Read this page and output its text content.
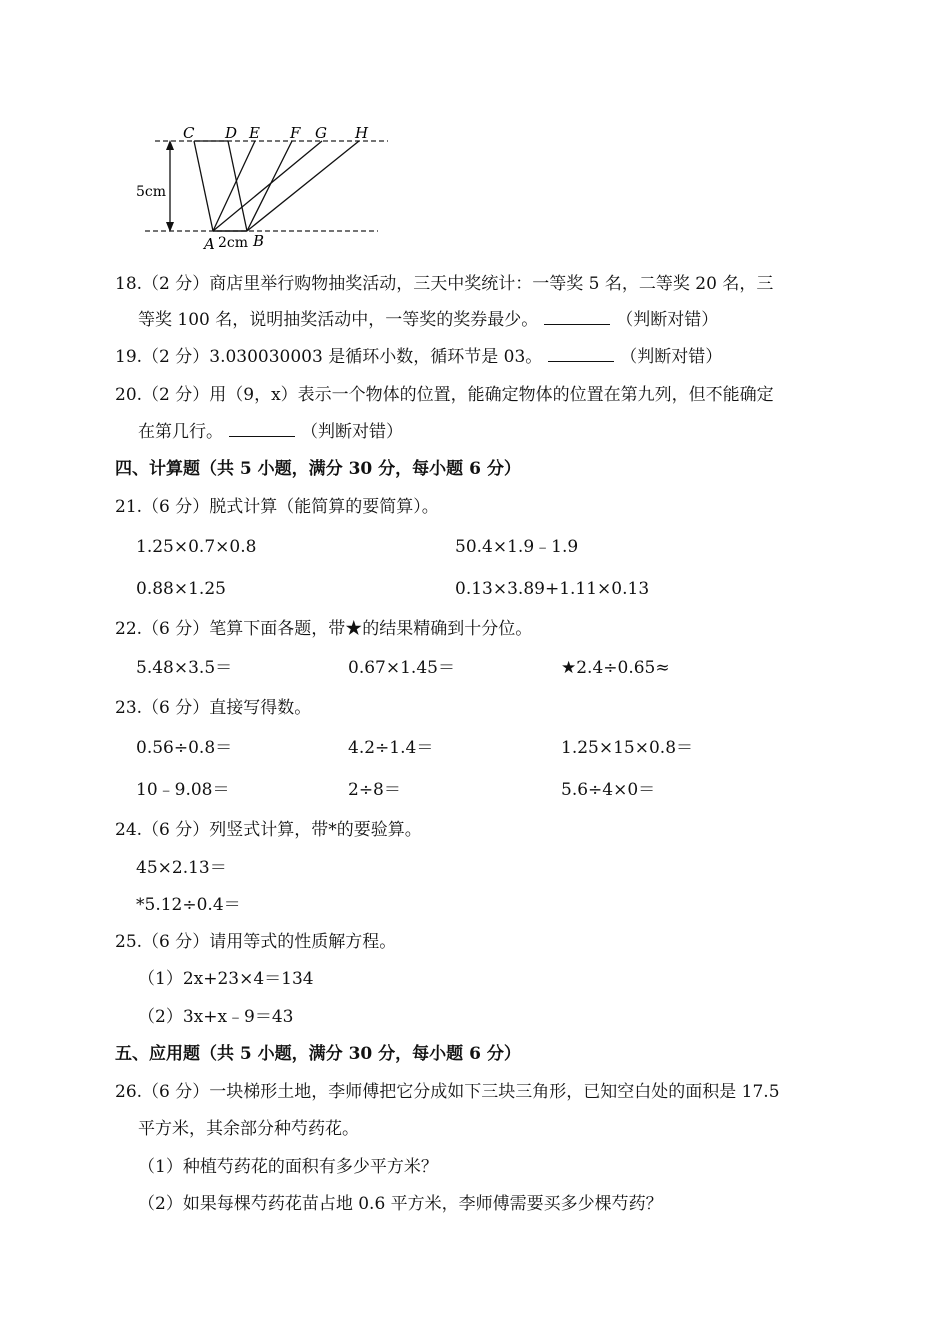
C D E F G H
A	B
5cm
2cm
18.（2 分）商店里举行购物抽奖活动，三天中奖统计：一等奖 5 名，二等奖 20 名，三
等奖 100 名，说明抽奖活动中，一等奖的奖券最少。	（判断对错）
19.（2 分）3.030030003 是循环小数，循环节是 03。	（判断对错）
20.（2 分）用（9，x）表示一个物体的位置，能确定物体的位置在第九列，但不能确定
在第几行。	（判断对错）
四、计算题（共 5 小题，满分 30 分，每小题 6 分）
21.（6 分）脱式计算（能简算的要简算）。
1.25×0.7×0.8	50.4×1.9﹣1.9
0.88×1.25	0.13×3.89+1.11×0.13
22.（6 分）笔算下面各题，带★的结果精确到十分位。
5.48×3.5＝	0.67×1.45＝	★2.4÷0.65≈
23.（6 分）直接写得数。
0.56÷0.8＝	4.2÷1.4＝	1.25×15×0.8＝
10﹣9.08＝	2÷8＝	5.6÷4×0＝
24.（6 分）列竖式计算，带*的要验算。
45×2.13＝
*5.12÷0.4＝
25.（6 分）请用等式的性质解方程。
（1）2x+23×4＝134
（2）3x+x﹣9＝43
五、应用题（共 5 小题，满分 30 分，每小题 6 分）
26.（6 分）一块梯形土地，李师傅把它分成如下三块三角形，已知空白处的面积是 17.5
平方米，其余部分种芍药花。
（1）种植芍药花的面积有多少平方米？
（2）如果每棵芍药花苗占地 0.6 平方米，李师傅需要买多少棵芍药？
